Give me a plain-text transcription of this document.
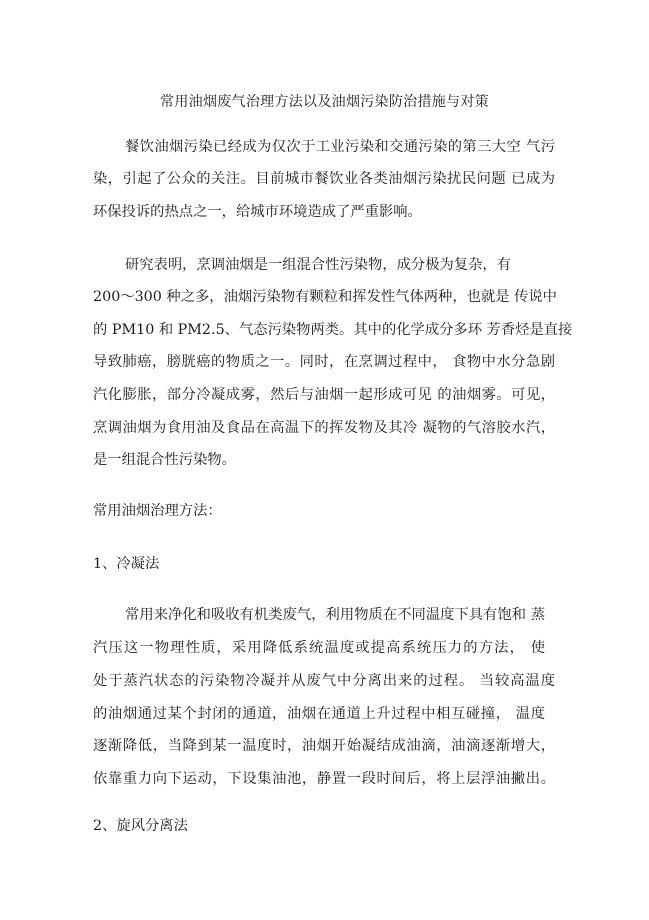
常用油烟废气治理方法以及油烟污染防治措施与对策

餐饮油烟污染已经成为仅次于工业污染和交通污染的第三大空 气污

染，引起了公众的关注。目前城市餐饮业各类油烟污染扰民问题 已成为

环保投诉的热点之一，给城市环境造成了严重影响。

研究表明，烹调油烟是一组混合性污染物，成分极为复杂，有

200～300 种之多，油烟污染物有颗粒和挥发性气体两种，也就是 传说中

的 PM10 和 PM2.5、气态污染物两类。其中的化学成分多环 芳香烃是直接

导致肺癌，膀胱癌的物质之一。同时，在烹调过程中， 食物中水分急剧

汽化膨胀，部分冷凝成雾，然后与油烟一起形成可见 的油烟雾。可见，

烹调油烟为食用油及食品在高温下的挥发物及其冷 凝物的气溶胶水汽，

是一组混合性污染物。

常用油烟治理方法：
1、冷凝法

常用来净化和吸收有机类废气，利用物质在不同温度下具有饱和 蒸

汽压这一物理性质，采用降低系统温度或提高系统压力的方法， 使

处于蒸汽状态的污染物冷凝并从废气中分离出来的过程。 当较高温度

的油烟通过某个封闭的通道，油烟在通道上升过程中相互碰撞， 温度

逐渐降低，当降到某一温度时，油烟开始凝结成油滴，油滴逐渐增大，

依靠重力向下运动，下设集油池，静置一段时间后，将上层浮油撇出。

2、旋风分离法
